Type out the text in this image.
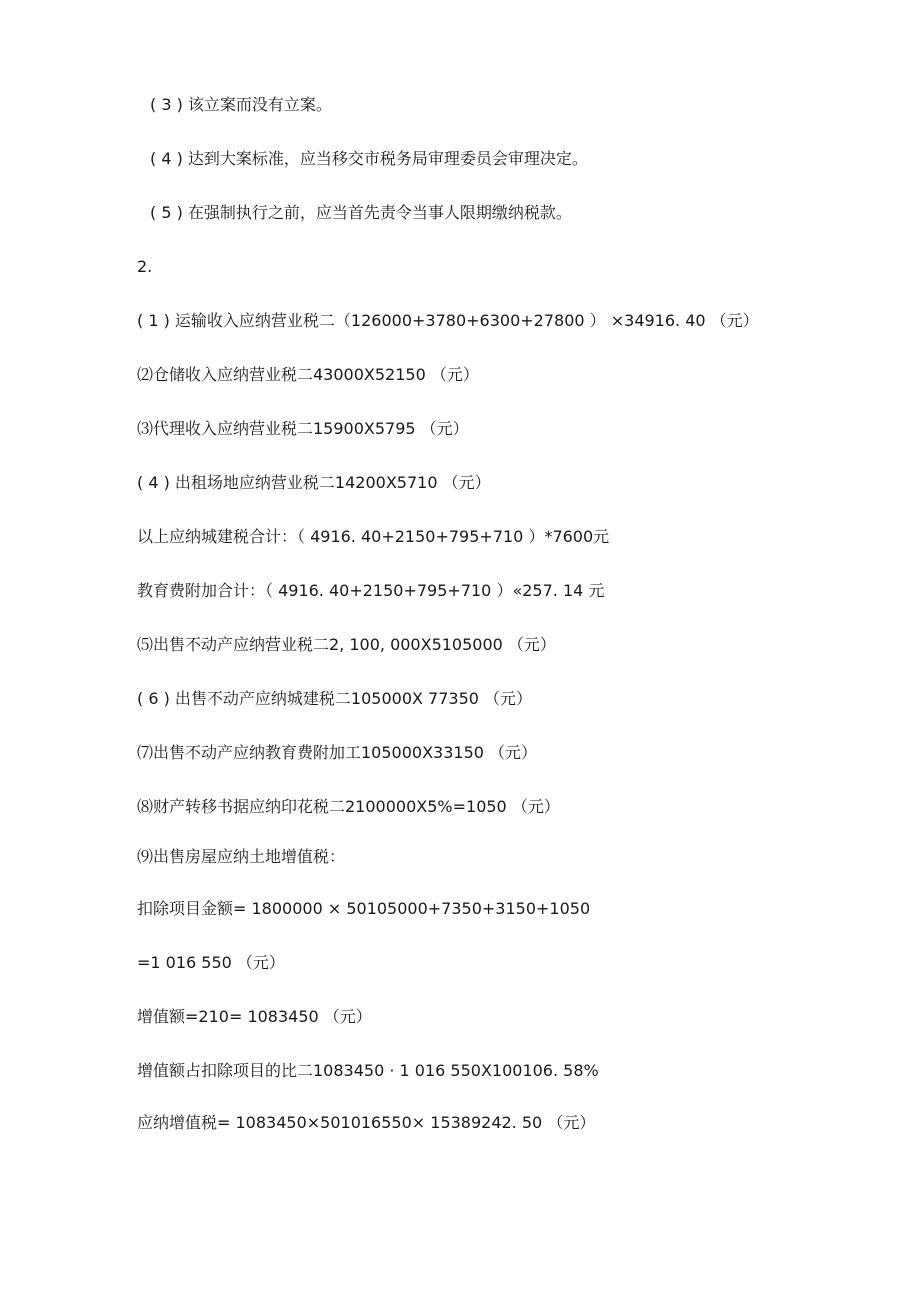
( 3 ) 该立案而没有立案。

( 4 ) 达到大案标准，应当移交市税务局审理委员会审理决定。

( 5 ) 在强制执行之前，应当首先责令当事人限期缴纳税款。

2.

( 1 ) 运输收入应纳营业税二（126000+3780+6300+27800 ） ×34916. 40 （元）

⑵仓储收入应纳营业税二43000X52150 （元）

⑶代理收入应纳营业税二15900X5795 （元）

( 4 ) 出租场地应纳营业税二14200X5710 （元）

以上应纳城建税合计：（ 4916. 40+2150+795+710 ）*7600元

教育费附加合计：（ 4916. 40+2150+795+710 ）«257. 14 元

⑸出售不动产应纳营业税二2, 100, 000X5105000 （元）

( 6 ) 出售不动产应纳城建税二105000X 77350 （元）

⑺出售不动产应纳教育费附加工105000X33150 （元）

⑻财产转移书据应纳印花税二2100000X5%=1050 （元）

⑼出售房屋应纳土地增值税：

扣除项目金额= 1800000 × 50105000+7350+3150+1050

=1 016 550 （元）

增值额=210= 1083450 （元）

增值额占扣除项目的比二1083450 · 1 016 550X100106. 58%

应纳增值税= 1083450×501016550× 15389242. 50 （元）
